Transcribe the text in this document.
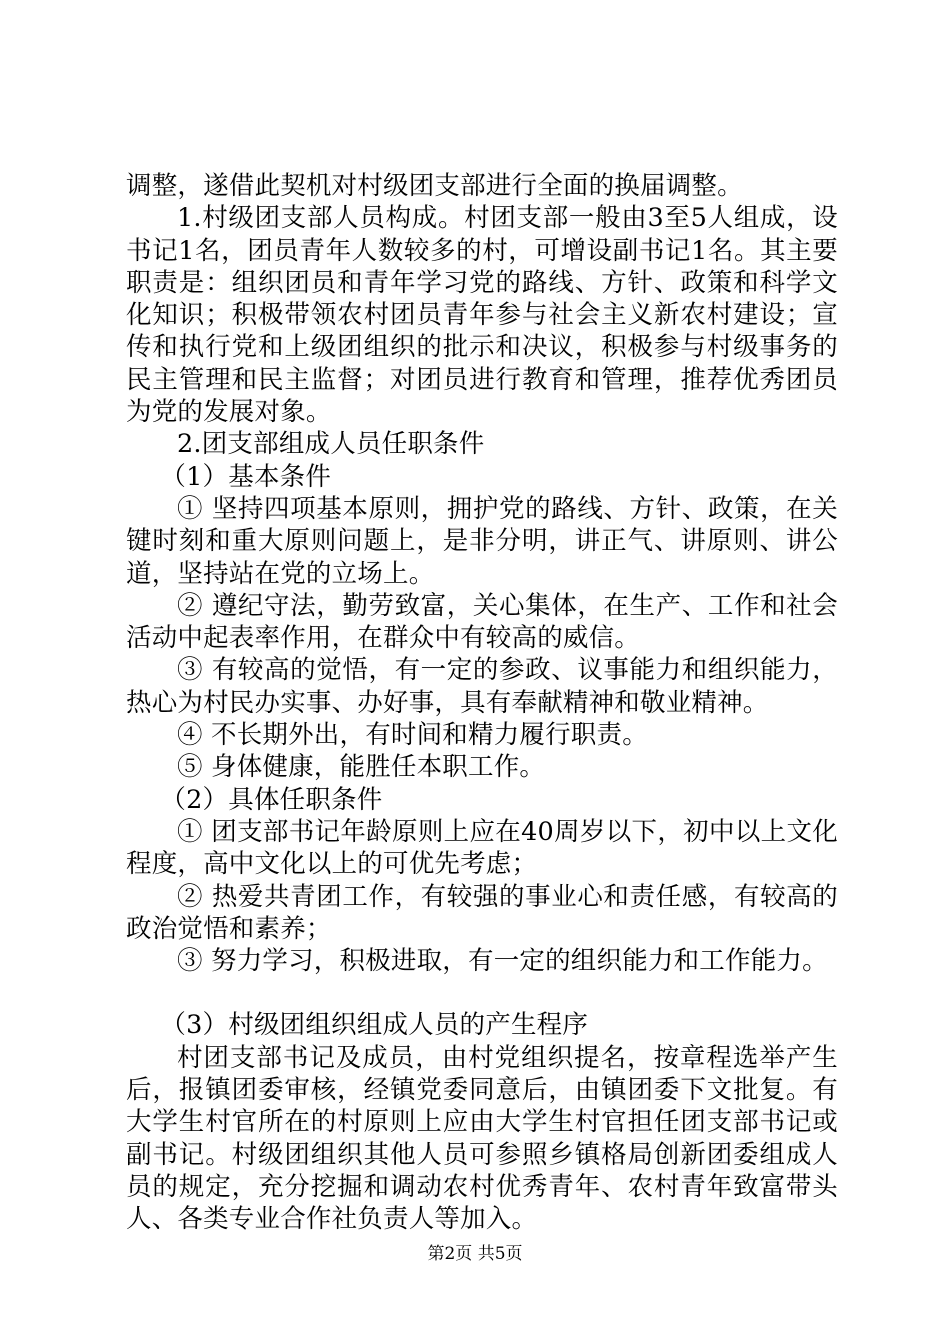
调整，遂借此契机对村级团支部进行全面的换届调整。

1.村级团支部人员构成。村团支部一般由3至5人组成，设书记1名，团员青年人数较多的村，可增设副书记1名。其主要职责是：组织团员和青年学习党的路线、方针、政策和科学文化知识；积极带领农村团员青年参与社会主义新农村建设；宣传和执行党和上级团组织的批示和决议，积极参与村级事务的民主管理和民主监督；对团员进行教育和管理，推荐优秀团员为党的发展对象。

2.团支部组成人员任职条件

（1）基本条件

① 坚持四项基本原则，拥护党的路线、方针、政策，在关键时刻和重大原则问题上，是非分明，讲正气、讲原则、讲公道，坚持站在党的立场上。

② 遵纪守法，勤劳致富，关心集体，在生产、工作和社会活动中起表率作用，在群众中有较高的威信。

③ 有较高的觉悟，有一定的参政、议事能力和组织能力，热心为村民办实事、办好事，具有奉献精神和敬业精神。

④ 不长期外出，有时间和精力履行职责。

⑤ 身体健康，能胜任本职工作。

（2）具体任职条件

① 团支部书记年龄原则上应在40周岁以下，初中以上文化程度，高中文化以上的可优先考虑；

② 热爱共青团工作，有较强的事业心和责任感，有较高的政治觉悟和素养；

③ 努力学习，积极进取，有一定的组织能力和工作能力。

（3）村级团组织组成人员的产生程序

村团支部书记及成员，由村党组织提名，按章程选举产生后，报镇团委审核，经镇党委同意后，由镇团委下文批复。有大学生村官所在的村原则上应由大学生村官担任团支部书记或副书记。村级团组织其他人员可参照乡镇格局创新团委组成人员的规定，充分挖掘和调动农村优秀青年、农村青年致富带头人、各类专业合作社负责人等加入。

第2页 共5页
